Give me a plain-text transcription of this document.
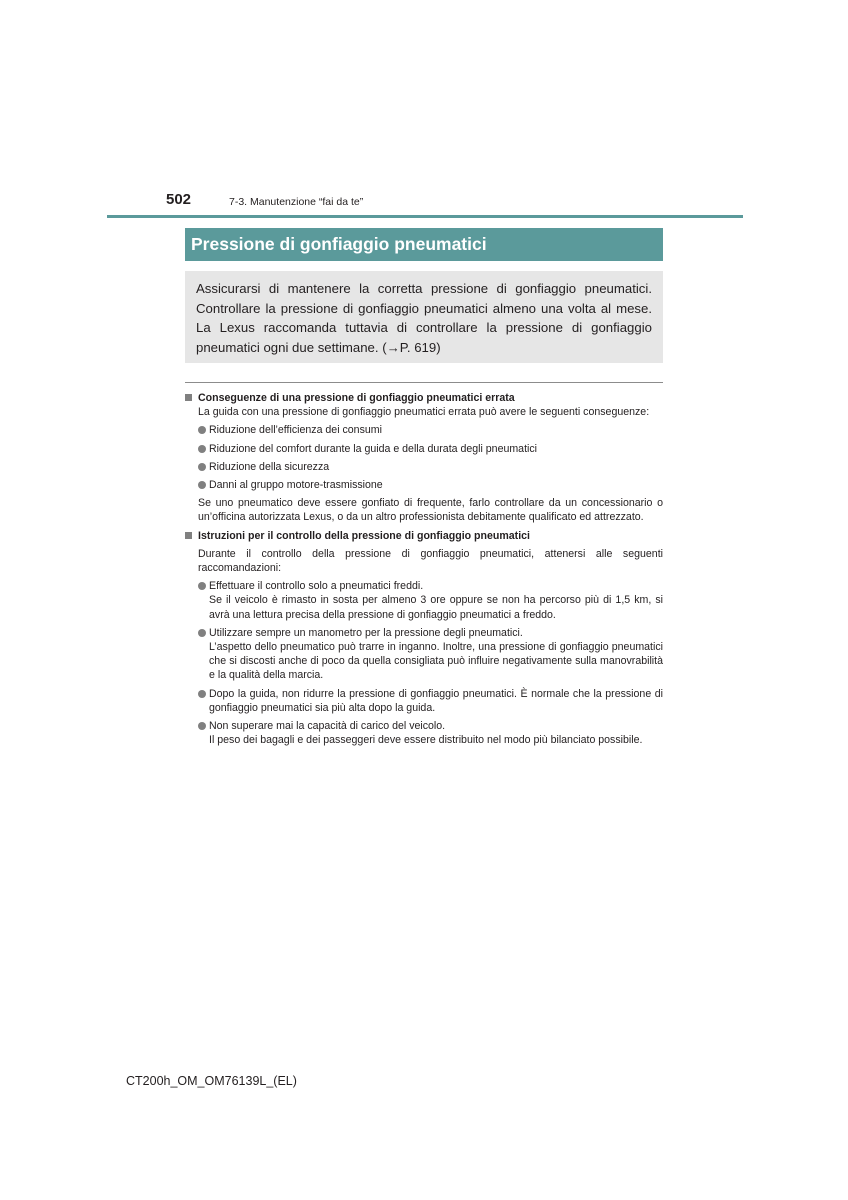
502	7-3. Manutenzione “fai da te”
Pressione di gonfiaggio pneumatici

Assicurarsi di mantenere la corretta pressione di gonfiaggio pneumatici. Controllare la pressione di gonfiaggio pneumatici almeno una volta al mese. La Lexus raccomanda tuttavia di controllare la pressione di gonfiaggio pneumatici ogni due settimane. (→P. 619)

Conseguenze di una pressione di gonfiaggio pneumatici errata
La guida con una pressione di gonfiaggio pneumatici errata può avere le seguenti conseguenze:
Riduzione dell’efficienza dei consumi
Riduzione del comfort durante la guida e della durata degli pneumatici
Riduzione della sicurezza
Danni al gruppo motore-trasmissione
Se uno pneumatico deve essere gonfiato di frequente, farlo controllare da un concessionario o un’officina autorizzata Lexus, o da un altro professionista debitamente qualificato ed attrezzato.
Istruzioni per il controllo della pressione di gonfiaggio pneumatici
Durante il controllo della pressione di gonfiaggio pneumatici, attenersi alle seguenti raccomandazioni:
Effettuare il controllo solo a pneumatici freddi.
Se il veicolo è rimasto in sosta per almeno 3 ore oppure se non ha percorso più di 1,5 km, si avrà una lettura precisa della pressione di gonfiaggio pneumatici a freddo.
Utilizzare sempre un manometro per la pressione degli pneumatici.
L’aspetto dello pneumatico può trarre in inganno. Inoltre, una pressione di gonfiaggio pneumatici che si discosti anche di poco da quella consigliata può influire negativamente sulla manovrabilità e la qualità della marcia.
Dopo la guida, non ridurre la pressione di gonfiaggio pneumatici. È normale che la pressione di gonfiaggio pneumatici sia più alta dopo la guida.
Non superare mai la capacità di carico del veicolo.
Il peso dei bagagli e dei passeggeri deve essere distribuito nel modo più bilanciato possibile.
CT200h_OM_OM76139L_(EL)
